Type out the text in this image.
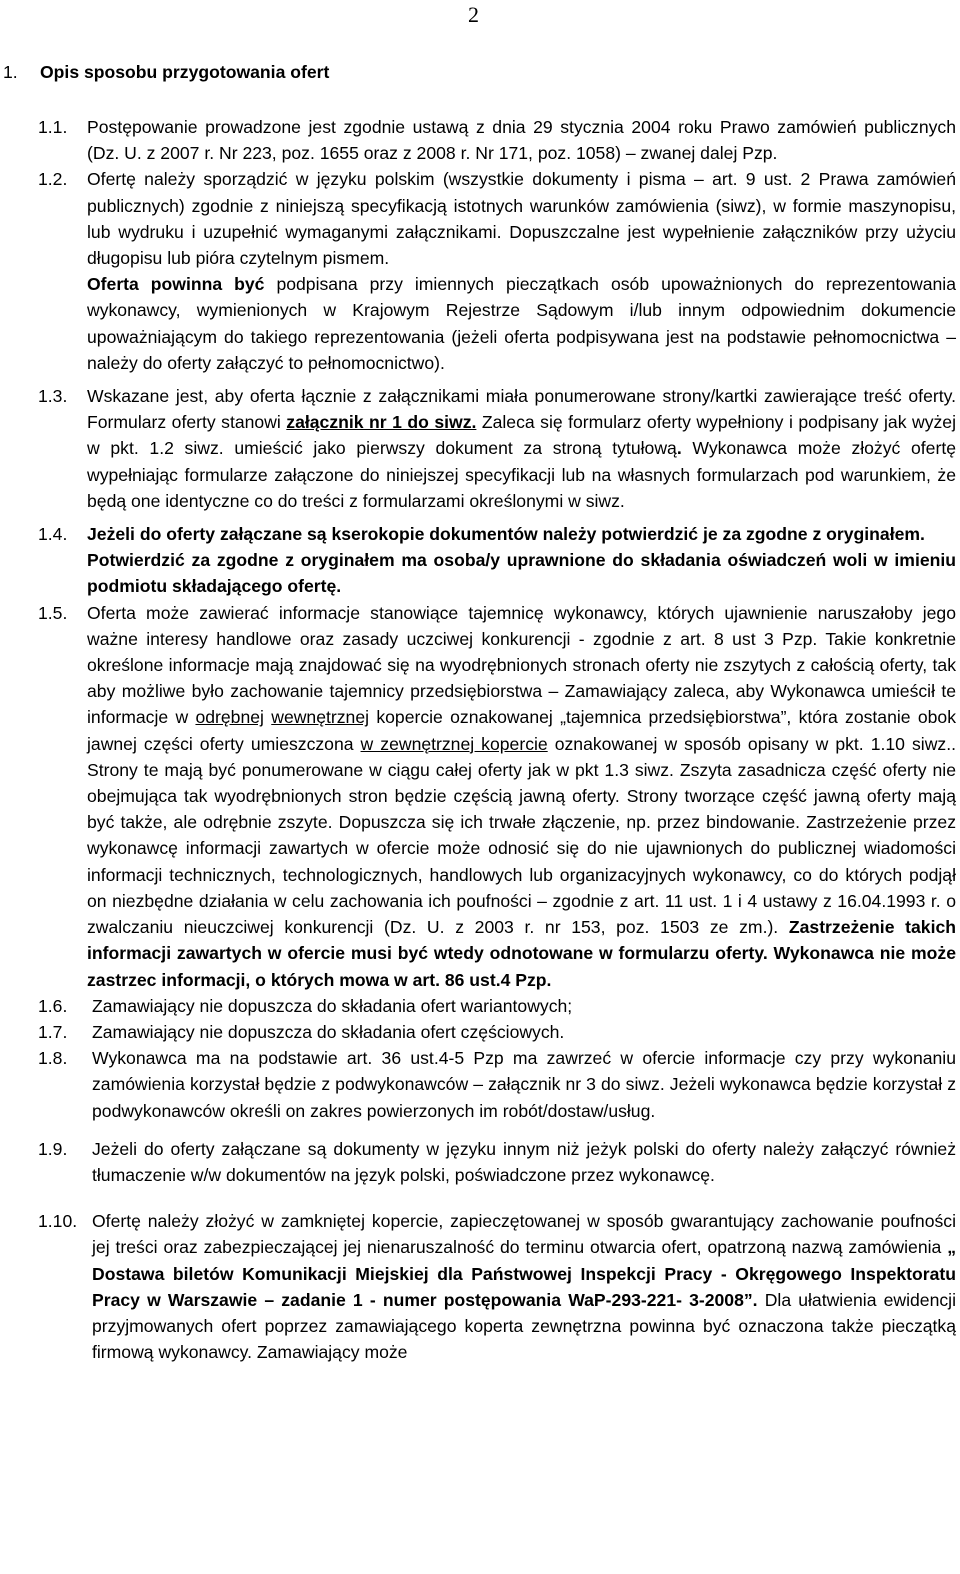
2
1. Opis sposobu przygotowania ofert
1.1.	Postępowanie prowadzone jest zgodnie ustawą z dnia 29 stycznia 2004 roku Prawo zamówień publicznych (Dz. U. z 2007 r. Nr 223, poz. 1655 oraz z 2008 r. Nr 171, poz. 1058) – zwanej dalej Pzp.
1.2.	Ofertę należy sporządzić w języku polskim (wszystkie dokumenty i pisma – art. 9 ust. 2 Prawa zamówień publicznych) zgodnie z niniejszą specyfikacją istotnych warunków zamówienia (siwz), w formie maszynopisu, lub wydruku i uzupełnić wymaganymi załącznikami. Dopuszczalne jest wypełnienie załączników przy użyciu długopisu lub pióra czytelnym pismem.

Oferta powinna być podpisana przy imiennych pieczątkach osób upoważnionych do reprezentowania wykonawcy, wymienionych w Krajowym Rejestrze Sądowym i/lub innym odpowiednim dokumencie upoważniającym do takiego reprezentowania (jeżeli oferta podpisywana jest na podstawie pełnomocnictwa – należy do oferty załączyć to pełnomocnictwo).

1.3.	Wskazane jest, aby oferta łącznie z załącznikami miała ponumerowane strony/kartki zawierające treść oferty. Formularz oferty stanowi załącznik nr 1 do siwz. Zaleca się formularz oferty wypełniony i podpisany jak wyżej w pkt. 1.2 siwz. umieścić jako pierwszy dokument za stroną tytułową. Wykonawca może złożyć ofertę wypełniając formularze załączone do niniejszej specyfikacji lub na własnych formularzach pod warunkiem, że będą one identyczne co do treści z formularzami określonymi w siwz.
1.4.	Jeżeli do oferty załączane są kserokopie dokumentów należy potwierdzić je za zgodne z oryginałem.

Potwierdzić za zgodne z oryginałem ma osoba/y uprawnione do składania oświadczeń woli w imieniu podmiotu składającego ofertę.

1.5.	Oferta może zawierać informacje stanowiące tajemnicę wykonawcy, których ujawnienie naruszałoby jego ważne interesy handlowe oraz zasady uczciwej konkurencji - zgodnie z art. 8 ust 3 Pzp. Takie konkretnie określone informacje mają znajdować się na wyodrębnionych stronach oferty nie zszytych z całością oferty, tak aby możliwe było zachowanie tajemnicy przedsiębiorstwa – Zamawiający zaleca, aby Wykonawca umieścił te informacje w odrębnej wewnętrznej kopercie oznakowanej „tajemnica przedsiębiorstwa”, która zostanie obok jawnej części oferty umieszczona w zewnętrznej kopercie oznakowanej w sposób opisany w pkt. 1.10 siwz.. Strony te mają być ponumerowane w ciągu całej oferty jak w pkt 1.3 siwz. Zszyta zasadnicza część oferty nie obejmująca tak wyodrębnionych stron będzie częścią jawną oferty. Strony tworzące część jawną oferty mają być także, ale odrębnie zszyte. Dopuszcza się ich trwałe złączenie, np. przez bindowanie. Zastrzeżenie przez wykonawcę informacji zawartych w ofercie może odnosić się do nie ujawnionych do publicznej wiadomości informacji technicznych, technologicznych, handlowych lub organizacyjnych wykonawcy, co do których podjął on niezbędne działania w celu zachowania ich poufności – zgodnie z art. 11 ust. 1 i 4 ustawy z 16.04.1993 r. o zwalczaniu nieuczciwej konkurencji (Dz. U. z 2003 r. nr 153, poz. 1503 ze zm.). Zastrzeżenie takich informacji zawartych w ofercie musi być wtedy odnotowane w formularzu oferty. Wykonawca nie może zastrzec informacji, o których mowa w art. 86 ust.4 Pzp.
1.6.	Zamawiający nie dopuszcza do składania ofert wariantowych;
1.7.	Zamawiający nie dopuszcza do składania ofert częściowych.
1.8.	Wykonawca ma na podstawie art. 36 ust.4-5 Pzp ma zawrzeć w ofercie informacje czy przy wykonaniu zamówienia korzystał będzie z podwykonawców – załącznik nr 3 do siwz. Jeżeli wykonawca będzie korzystał z podwykonawców określi on zakres powierzonych im robót/dostaw/usług.
1.9.	Jeżeli do oferty załączane są dokumenty w języku innym niż jeżyk polski do oferty należy załączyć również tłumaczenie w/w dokumentów na język polski, poświadczone przez wykonawcę.
1.10. Ofertę należy złożyć w zamkniętej kopercie, zapieczętowanej w sposób gwarantujący zachowanie poufności jej treści oraz zabezpieczającej jej nienaruszalność do terminu otwarcia ofert, opatrzoną nazwą zamówienia „ Dostawa biletów Komunikacji Miejskiej dla Państwowej Inspekcji Pracy - Okręgowego Inspektoratu Pracy w Warszawie – zadanie 1 - numer postępowania WaP-293-221- 3-2008”. Dla ułatwienia ewidencji przyjmowanych ofert poprzez zamawiającego koperta zewnętrzna powinna być oznaczona także pieczątką firmową wykonawcy. Zamawiający może
